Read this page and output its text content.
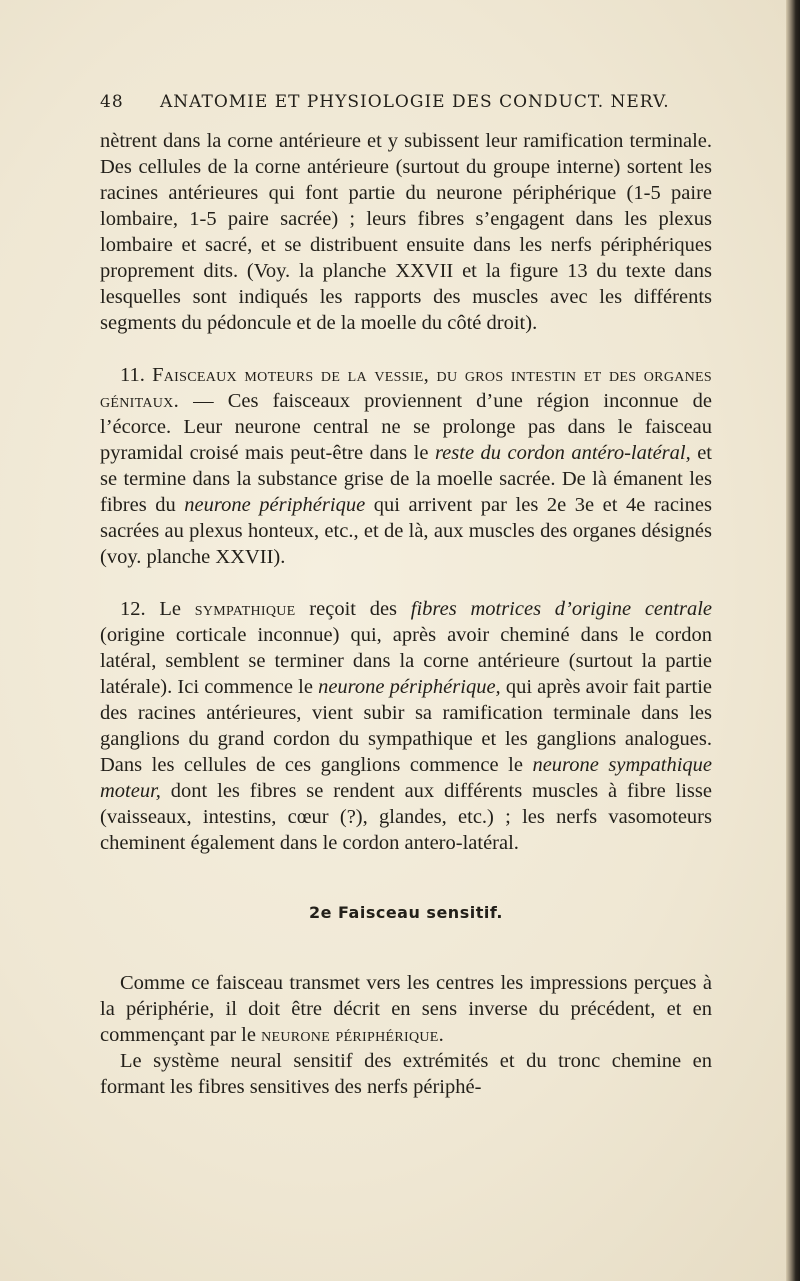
48 ANATOMIE ET PHYSIOLOGIE DES CONDUCT. NERV.

nètrent dans la corne antérieure et y subissent leur ramification terminale. Des cellules de la corne antérieure (surtout du groupe interne) sortent les racines antérieures qui font partie du neurone périphérique (1-5 paire lombaire, 1-5 paire sacrée) ; leurs fibres s’engagent dans les plexus lombaire et sacré, et se distribuent ensuite dans les nerfs périphériques proprement dits. (Voy. la planche XXVII et la figure 13 du texte dans lesquelles sont indiqués les rapports des muscles avec les différents segments du pédoncule et de la moelle du côté droit).

11. Faisceaux moteurs de la vessie, du gros intestin et des organes génitaux. — Ces faisceaux proviennent d’une région inconnue de l’écorce. Leur neurone central ne se prolonge pas dans le faisceau pyramidal croisé mais peut-être dans le reste du cordon antéro-latéral, et se termine dans la substance grise de la moelle sacrée. De là émanent les fibres du neurone périphérique qui arrivent par les 2e 3e et 4e racines sacrées au plexus honteux, etc., et de là, aux muscles des organes désignés (voy. planche XXVII).

12. Le sympathique reçoit des fibres motrices d’origine centrale (origine corticale inconnue) qui, après avoir cheminé dans le cordon latéral, semblent se terminer dans la corne antérieure (surtout la partie latérale). Ici commence le neurone périphérique, qui après avoir fait partie des racines antérieures, vient subir sa ramification terminale dans les ganglions du grand cordon du sympathique et les ganglions analogues. Dans les cellules de ces ganglions commence le neurone sympathique moteur, dont les fibres se rendent aux différents muscles à fibre lisse (vaisseaux, intestins, cœur (?), glandes, etc.) ; les nerfs vasomoteurs cheminent également dans le cordon antero-latéral.

2e Faisceau sensitif.

Comme ce faisceau transmet vers les centres les impressions perçues à la périphérie, il doit être décrit en sens inverse du précédent, et en commençant par le neurone périphérique.

Le système neural sensitif des extrémités et du tronc chemine en formant les fibres sensitives des nerfs périphé-
